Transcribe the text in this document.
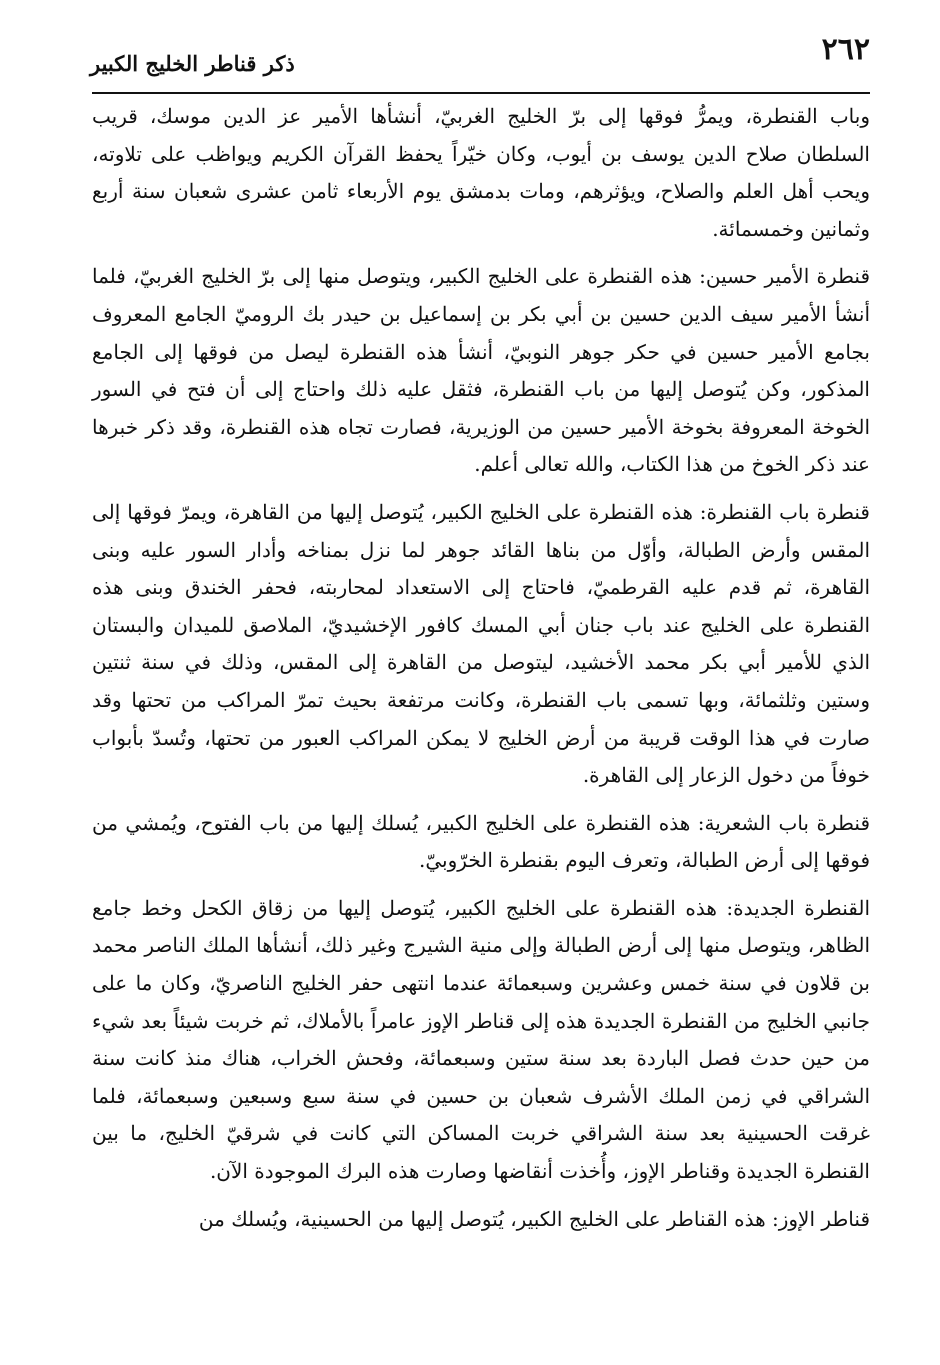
٢٦٢
ذكر قناطر الخليج الكبير

وباب القنطرة، ويمرُّ فوقها إلى برّ الخليج الغربيّ، أنشأها الأمير عز الدين موسك، قريب السلطان صلاح الدين يوسف بن أيوب، وكان خيّراً يحفظ القرآن الكريم ويواظب على تلاوته، ويحب أهل العلم والصلاح، ويؤثرهم، ومات بدمشق يوم الأربعاء ثامن عشرى شعبان سنة أربع وثمانين وخمسمائة.

قنطرة الأمير حسين: هذه القنطرة على الخليج الكبير، ويتوصل منها إلى برّ الخليج الغربيّ، فلما أنشأ الأمير سيف الدين حسين بن أبي بكر بن إسماعيل بن حيدر بك الروميّ الجامع المعروف بجامع الأمير حسين في حكر جوهر النوبيّ، أنشأ هذه القنطرة ليصل من فوقها إلى الجامع المذكور، وكن يُتوصل إليها من باب القنطرة، فثقل عليه ذلك واحتاج إلى أن فتح في السور الخوخة المعروفة بخوخة الأمير حسين من الوزيرية، فصارت تجاه هذه القنطرة، وقد ذكر خبرها عند ذكر الخوخ من هذا الكتاب، والله تعالى أعلم.

قنطرة باب القنطرة: هذه القنطرة على الخليج الكبير، يُتوصل إليها من القاهرة، ويمرّ فوقها إلى المقس وأرض الطبالة، وأوّل من بناها القائد جوهر لما نزل بمناخه وأدار السور عليه وبنى القاهرة، ثم قدم عليه القرطميّ، فاحتاج إلى الاستعداد لمحاربته، فحفر الخندق وبنى هذه القنطرة على الخليج عند باب جنان أبي المسك كافور الإخشيديّ، الملاصق للميدان والبستان الذي للأمير أبي بكر محمد الأخشيد، ليتوصل من القاهرة إلى المقس، وذلك في سنة ثنتين وستين وثلثمائة، وبها تسمى باب القنطرة، وكانت مرتفعة بحيث تمرّ المراكب من تحتها وقد صارت في هذا الوقت قريبة من أرض الخليج لا يمكن المراكب العبور من تحتها، وتُسدّ بأبواب خوفاً من دخول الزعار إلى القاهرة.

قنطرة باب الشعرية: هذه القنطرة على الخليج الكبير، يُسلك إليها من باب الفتوح، ويُمشي من فوقها إلى أرض الطبالة، وتعرف اليوم بقنطرة الخرّوبيّ.

القنطرة الجديدة: هذه القنطرة على الخليج الكبير، يُتوصل إليها من زقاق الكحل وخط جامع الظاهر، ويتوصل منها إلى أرض الطبالة وإلى منية الشيرج وغير ذلك، أنشأها الملك الناصر محمد بن قلاون في سنة خمس وعشرين وسبعمائة عندما انتهى حفر الخليج الناصريّ، وكان ما على جانبي الخليج من القنطرة الجديدة هذه إلى قناطر الإوز عامراً بالأملاك، ثم خربت شيئاً بعد شيء من حين حدث فصل الباردة بعد سنة ستين وسبعمائة، وفحش الخراب، هناك منذ كانت سنة الشراقي في زمن الملك الأشرف شعبان بن حسين في سنة سبع وسبعين وسبعمائة، فلما غرقت الحسينية بعد سنة الشراقي خربت المساكن التي كانت في شرقيّ الخليج، ما بين القنطرة الجديدة وقناطر الإوز، وأُخذت أنقاضها وصارت هذه البرك الموجودة الآن.

قناطر الإوز: هذه القناطر على الخليج الكبير، يُتوصل إليها من الحسينية، ويُسلك من
